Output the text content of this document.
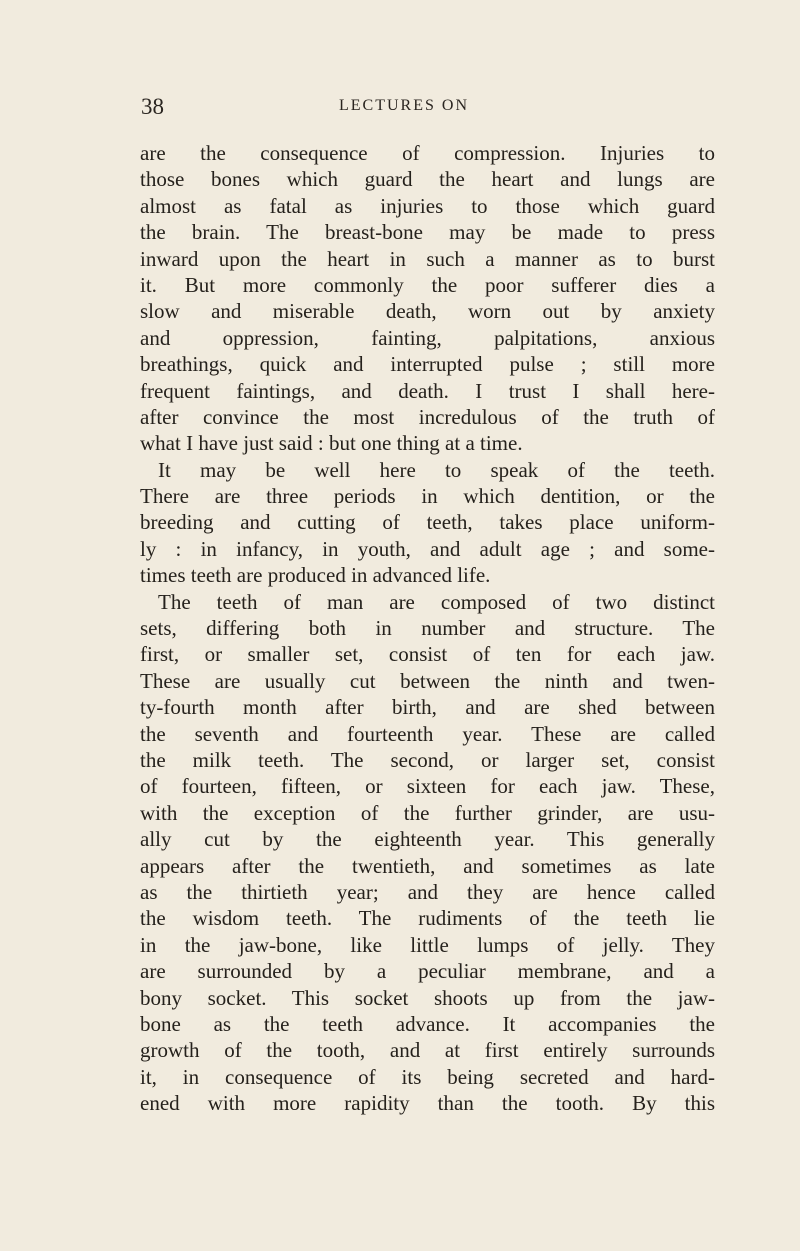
38	LECTURES ON
are the consequence of compression. Injuries to
those bones which guard the heart and lungs are
almost as fatal as injuries to those which guard
the brain. The breast-bone may be made to press
inward upon the heart in such a manner as to burst
it. But more commonly the poor sufferer dies a
slow and miserable death, worn out by anxiety
and oppression, fainting, palpitations, anxious
breathings, quick and interrupted pulse ; still more
frequent faintings, and death. I trust I shall here-
after convince the most incredulous of the truth of
what I have just said : but one thing at a time.
It may be well here to speak of the teeth.
There are three periods in which dentition, or the
breeding and cutting of teeth, takes place uniform-
ly : in infancy, in youth, and adult age ; and some-
times teeth are produced in advanced life.
The teeth of man are composed of two distinct
sets, differing both in number and structure. The
first, or smaller set, consist of ten for each jaw.
These are usually cut between the ninth and twen-
ty-fourth month after birth, and are shed between
the seventh and fourteenth year. These are called
the milk teeth. The second, or larger set, consist
of fourteen, fifteen, or sixteen for each jaw. These,
with the exception of the further grinder, are usu-
ally cut by the eighteenth year. This generally
appears after the twentieth, and sometimes as late
as the thirtieth year; and they are hence called
the wisdom teeth. The rudiments of the teeth lie
in the jaw-bone, like little lumps of jelly. They
are surrounded by a peculiar membrane, and a
bony socket. This socket shoots up from the jaw-
bone as the teeth advance. It accompanies the
growth of the tooth, and at first entirely surrounds
it, in consequence of its being secreted and hard-
ened with more rapidity than the tooth. By this
